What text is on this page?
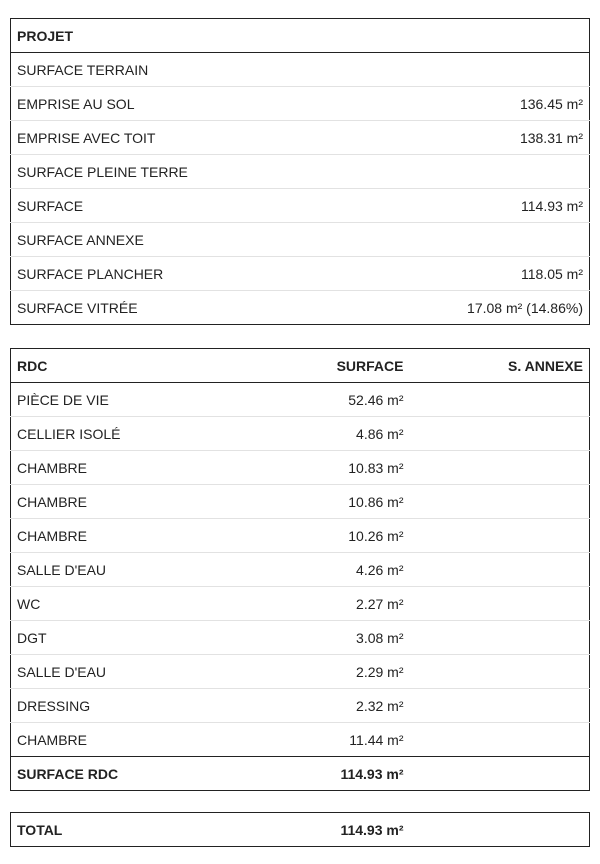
PROJET	
SURFACE TERRAIN	
EMPRISE AU SOL	136.45 m²
EMPRISE AVEC TOIT	138.31 m²
SURFACE PLEINE TERRE	
SURFACE	114.93 m²
SURFACE ANNEXE	
SURFACE PLANCHER	118.05 m²
SURFACE VITRÉE	17.08 m² (14.86%)
RDC	SURFACE	S. ANNEXE
PIÈCE DE VIE	52.46 m²	
CELLIER ISOLÉ	4.86 m²	
CHAMBRE	10.83 m²	
CHAMBRE	10.86 m²	
CHAMBRE	10.26 m²	
SALLE D'EAU	4.26 m²	
WC	2.27 m²	
DGT	3.08 m²	
SALLE D'EAU	2.29 m²	
DRESSING	2.32 m²	
CHAMBRE	11.44 m²	
SURFACE RDC	114.93 m²	
TOTAL	114.93 m²	
